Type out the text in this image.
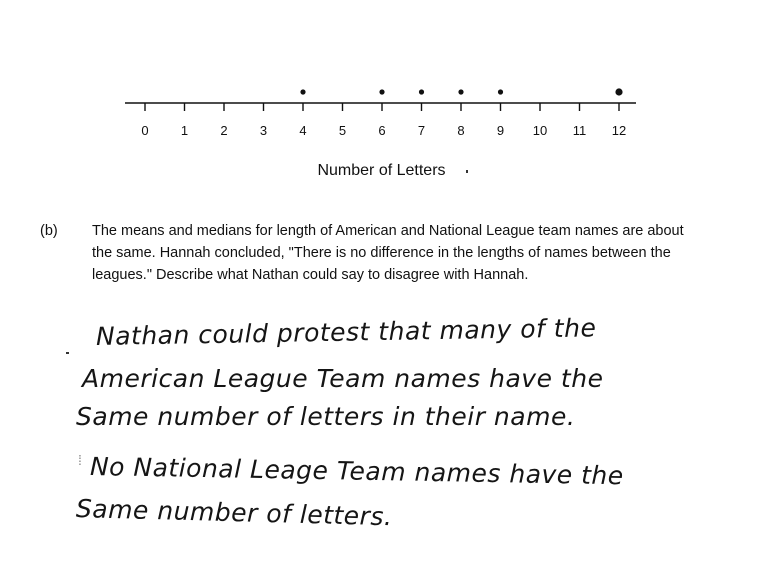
0 1 2 3 4 5 6 7 8 9 10 11 12
Number of Letters
(b) The means and medians for length of American and National League team names are about the same. Hannah concluded, "There is no difference in the lengths of names between the leagues." Describe what Nathan could say to disagree with Hannah.
Nathan could protest that many of the
American League Team names have the
Same number of letters in their name.
⁞ No National Leage Team names have the
Same number of letters.
